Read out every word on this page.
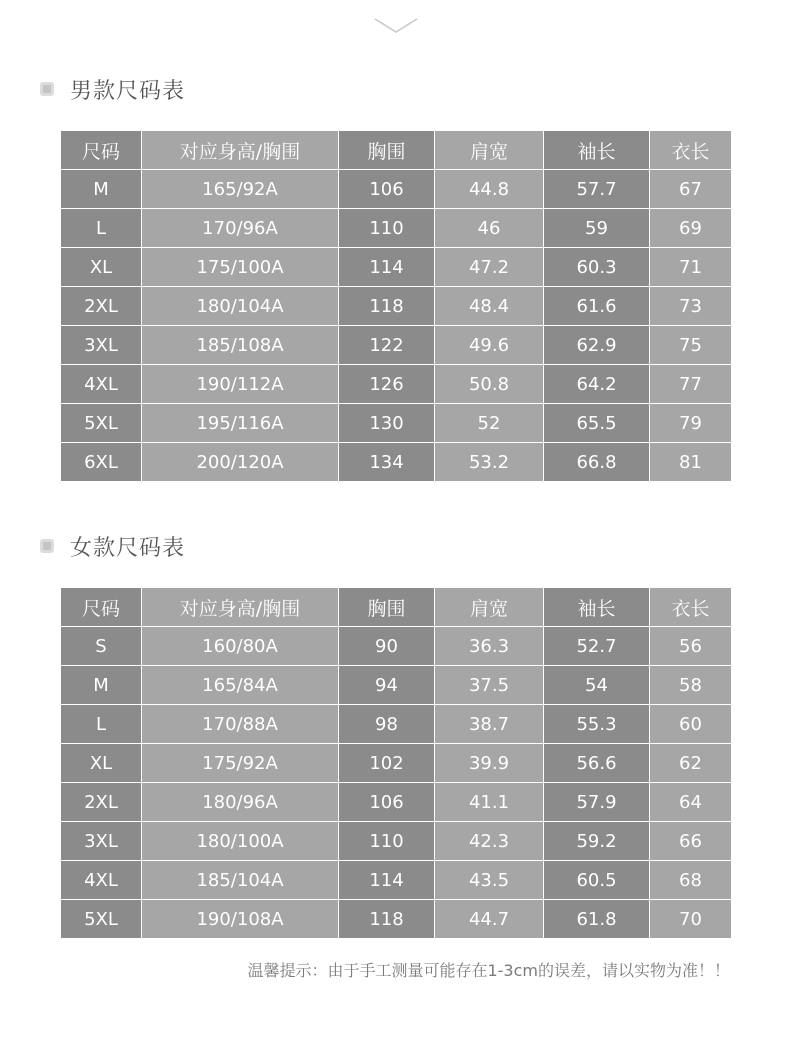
男款尺码表
尺码	对应身高/胸围	胸围	肩宽	袖长	衣长
M	165/92A	106	44.8	57.7	67
L	170/96A	110	46	59	69
XL	175/100A	114	47.2	60.3	71
2XL	180/104A	118	48.4	61.6	73
3XL	185/108A	122	49.6	62.9	75
4XL	190/112A	126	50.8	64.2	77
5XL	195/116A	130	52	65.5	79
6XL	200/120A	134	53.2	66.8	81
女款尺码表
尺码	对应身高/胸围	胸围	肩宽	袖长	衣长
S	160/80A	90	36.3	52.7	56
M	165/84A	94	37.5	54	58
L	170/88A	98	38.7	55.3	60
XL	175/92A	102	39.9	56.6	62
2XL	180/96A	106	41.1	57.9	64
3XL	180/100A	110	42.3	59.2	66
4XL	185/104A	114	43.5	60.5	68
5XL	190/108A	118	44.7	61.8	70
温馨提示：由于手工测量可能存在1-3cm的误差，请以实物为准！！
